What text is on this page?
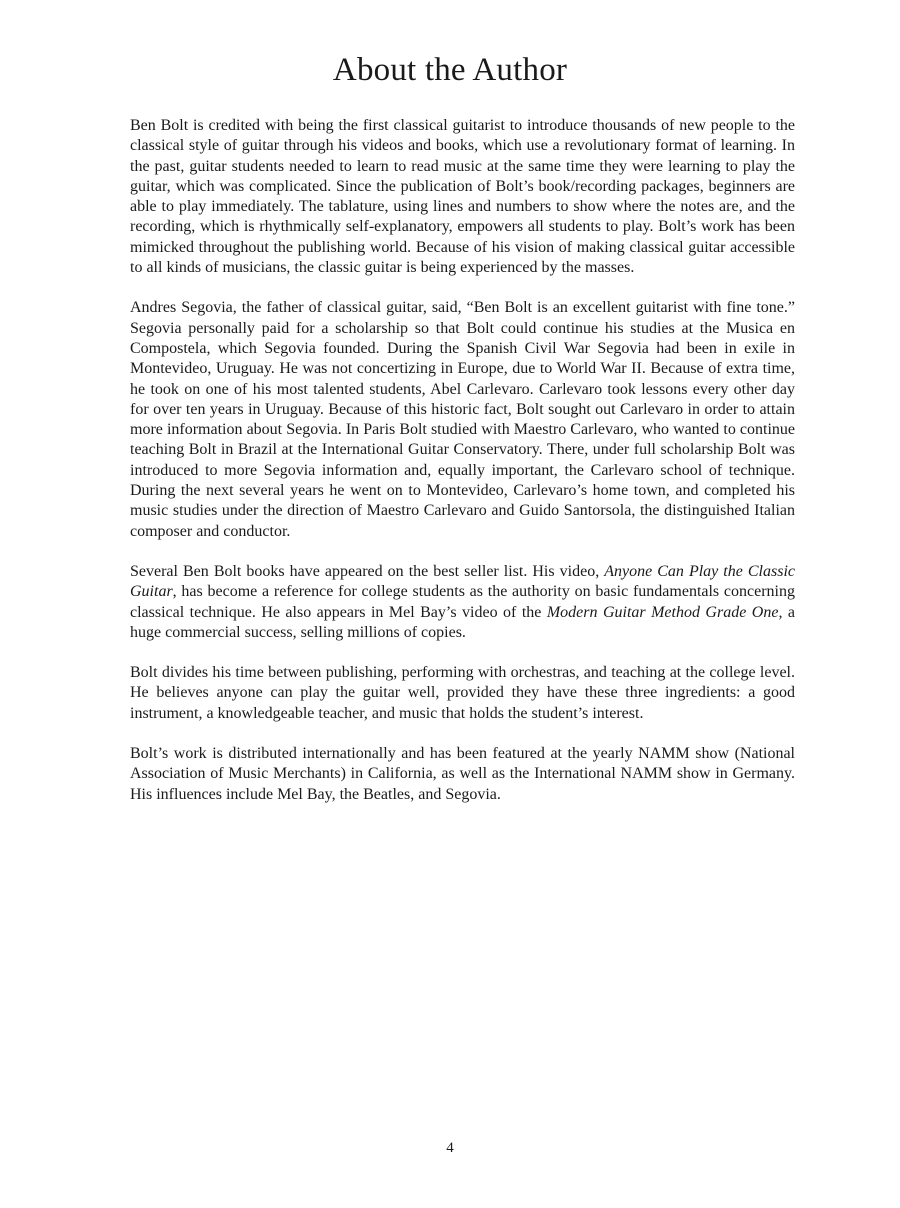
About the Author

Ben Bolt is credited with being the first classical guitarist to introduce thousands of new people to the classical style of guitar through his videos and books, which use a revolutionary format of learning. In the past, guitar students needed to learn to read music at the same time they were learning to play the guitar, which was complicated. Since the publication of Bolt’s book/recording packages, beginners are able to play immediately. The tablature, using lines and numbers to show where the notes are, and the recording, which is rhythmically self-explanatory, empowers all students to play. Bolt’s work has been mimicked throughout the publishing world. Because of his vision of making classical guitar accessible to all kinds of musicians, the classic guitar is being experienced by the masses.

Andres Segovia, the father of classical guitar, said, “Ben Bolt is an excellent guitarist with fine tone.” Segovia personally paid for a scholarship so that Bolt could continue his studies at the Musica en Compostela, which Segovia founded. During the Spanish Civil War Segovia had been in exile in Montevideo, Uruguay. He was not concertizing in Europe, due to World War II. Because of extra time, he took on one of his most talented students, Abel Carlevaro. Carlevaro took lessons every other day for over ten years in Uruguay. Because of this historic fact, Bolt sought out Carlevaro in order to attain more information about Segovia. In Paris Bolt studied with Maestro Carlevaro, who wanted to continue teaching Bolt in Brazil at the International Guitar Conservatory. There, under full scholarship Bolt was introduced to more Segovia information and, equally important, the Carlevaro school of technique. During the next several years he went on to Montevideo, Carlevaro’s home town, and completed his music studies under the direction of Maestro Carlevaro and Guido Santorsola, the distinguished Italian composer and conductor.

Several Ben Bolt books have appeared on the best seller list. His video, Anyone Can Play the Classic Guitar, has become a reference for college students as the authority on basic fundamentals concerning classical technique. He also appears in Mel Bay’s video of the Modern Guitar Method Grade One, a huge commercial success, selling millions of copies.

Bolt divides his time between publishing, performing with orchestras, and teaching at the college level. He believes anyone can play the guitar well, provided they have these three ingredients: a good instrument, a knowledgeable teacher, and music that holds the student’s interest.

Bolt’s work is distributed internationally and has been featured at the yearly NAMM show (National Association of Music Merchants) in California, as well as the International NAMM show in Germany. His influences include Mel Bay, the Beatles, and Segovia.

4
